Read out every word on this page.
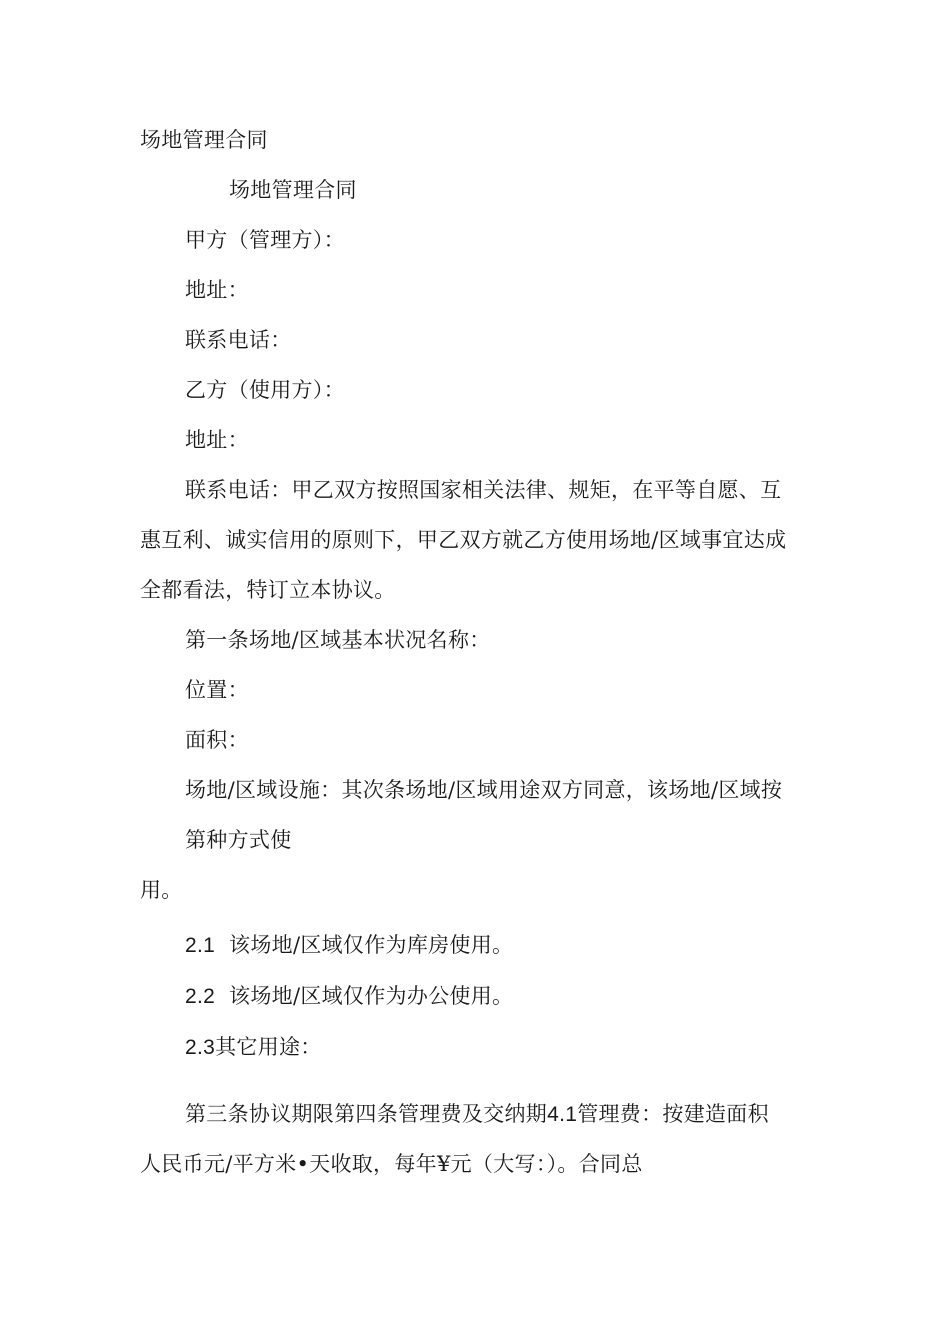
场地管理合同
场地管理合同
甲方（管理方）：
地址：
联系电话：
乙方（使用方）：
地址：
联系电话：甲乙双方按照国家相关法律、规矩，在平等自愿、互
惠互利、诚实信用的原则下，甲乙双方就乙方使用场地/区域事宜达成
全都看法，特订立本协议。
第一条场地/区域基本状况名称：
位置：
面积：
场地/区域设施：其次条场地/区域用途双方同意，该场地/区域按
第种方式使
用。
2.1 该场地/区域仅作为库房使用。
2.2 该场地/区域仅作为办公使用。
2.3其它用途：
第三条协议期限第四条管理费及交纳期4.1管理费：按建造面积
人民币元/平方米•天收取，每年¥元（大写：）。合同总
